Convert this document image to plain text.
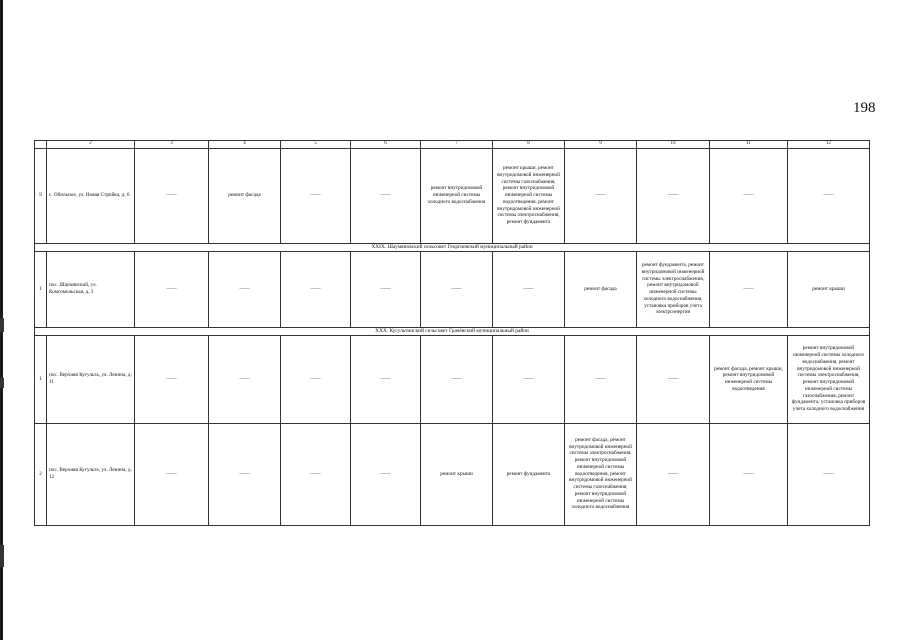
198
	2	3	4	5	6	7	8	9	10	11	12
9	с. Обильное, ул. Новая Стройка, д. 6	——	ремонт фасада	——	——	ремонт внутридомовой инженерной системы холодного водоснабжения	ремонт крыши, ремонт внутридомовой инженерной системы газоснабжения, ремонт внутридомовой инженерной системы водоотведения, ремонт внутридомовой инженерной системы электроснабжения, ремонт фундамента	——	——	——	——
XXIX. Шаумяновский сельсовет Георгиевский муниципальный район											
1	пос. Шаумянский, ул. Комсомольская, д. 3	——	——	——	——	——	——	ремонт фасада	ремонт фундамента, ремонт внутридомовой инженерной системы электроснабжения, ремонт внутридомовой инженерной системы холодного водоснабжения, установка приборов учета электроэнергии	——	ремонт крыши
XXX. Кугультинский сельсовет Грачёвский муниципальный район											
1	пос. Верхняя Кугульта, ул. Ленина, д. 11	——	——	——	——	——	——	——	——	ремонт фасада, ремонт крыши, ремонт внутридомовой инженерной системы водоотведения	ремонт внутридомовой инженерной системы холодного водоснабжения, ремонт внутридомовой инженерной системы электроснабжения, ремонт внутридомовой инженерной системы газоснабжения, ремонт фундамента, установка приборов учета холодного водоснабжения
2	пос. Верхняя Кугульта, ул. Ленина, д. 12	——	——	——	——	ремонт крыши	ремонт фундамента	ремонт фасада, ремонт внутридомовой инженерной системы электроснабжения, ремонт внутридомовой инженерной системы водоотведения, ремонт внутридомовой инженерной системы газоснабжения, ремонт внутридомовой инженерной системы холодного водоснабжения	——	——	——
